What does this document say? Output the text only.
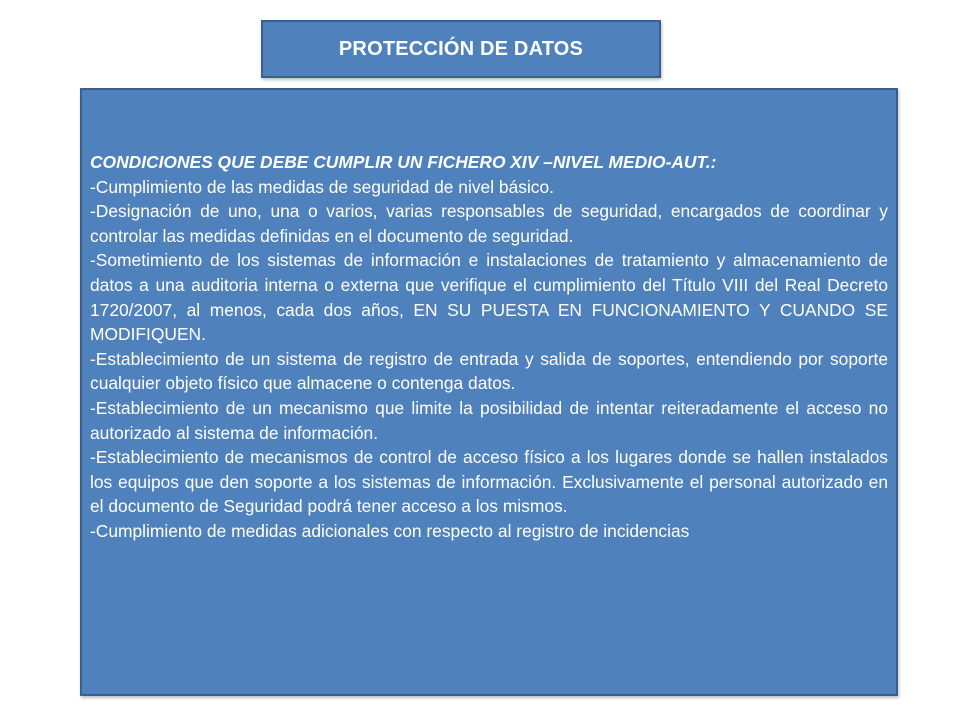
PROTECCIÓN DE DATOS

CONDICIONES QUE DEBE CUMPLIR UN FICHERO XIV –NIVEL MEDIO-AUT.:

-Cumplimiento de las medidas de seguridad de nivel básico.

-Designación de uno, una o varios, varias responsables de seguridad, encargados de coordinar y controlar las medidas definidas en el documento de seguridad.

-Sometimiento de los sistemas de información e instalaciones de tratamiento y almacenamiento de datos a una auditoria interna o externa que verifique el cumplimiento del Título VIII del Real Decreto 1720/2007, al menos, cada dos años, EN SU PUESTA EN FUNCIONAMIENTO Y CUANDO SE MODIFIQUEN.

-Establecimiento de un sistema de registro de entrada y salida de soportes, entendiendo por soporte cualquier objeto físico que almacene o contenga datos.

-Establecimiento de un mecanismo que limite la posibilidad de intentar reiteradamente el acceso no autorizado al sistema de información.

-Establecimiento de mecanismos de control de acceso físico a los lugares donde se hallen instalados los equipos que den soporte a los sistemas de información. Exclusivamente el personal autorizado en el documento de Seguridad podrá tener acceso a los mismos.

-Cumplimiento de medidas adicionales con respecto al registro de incidencias
